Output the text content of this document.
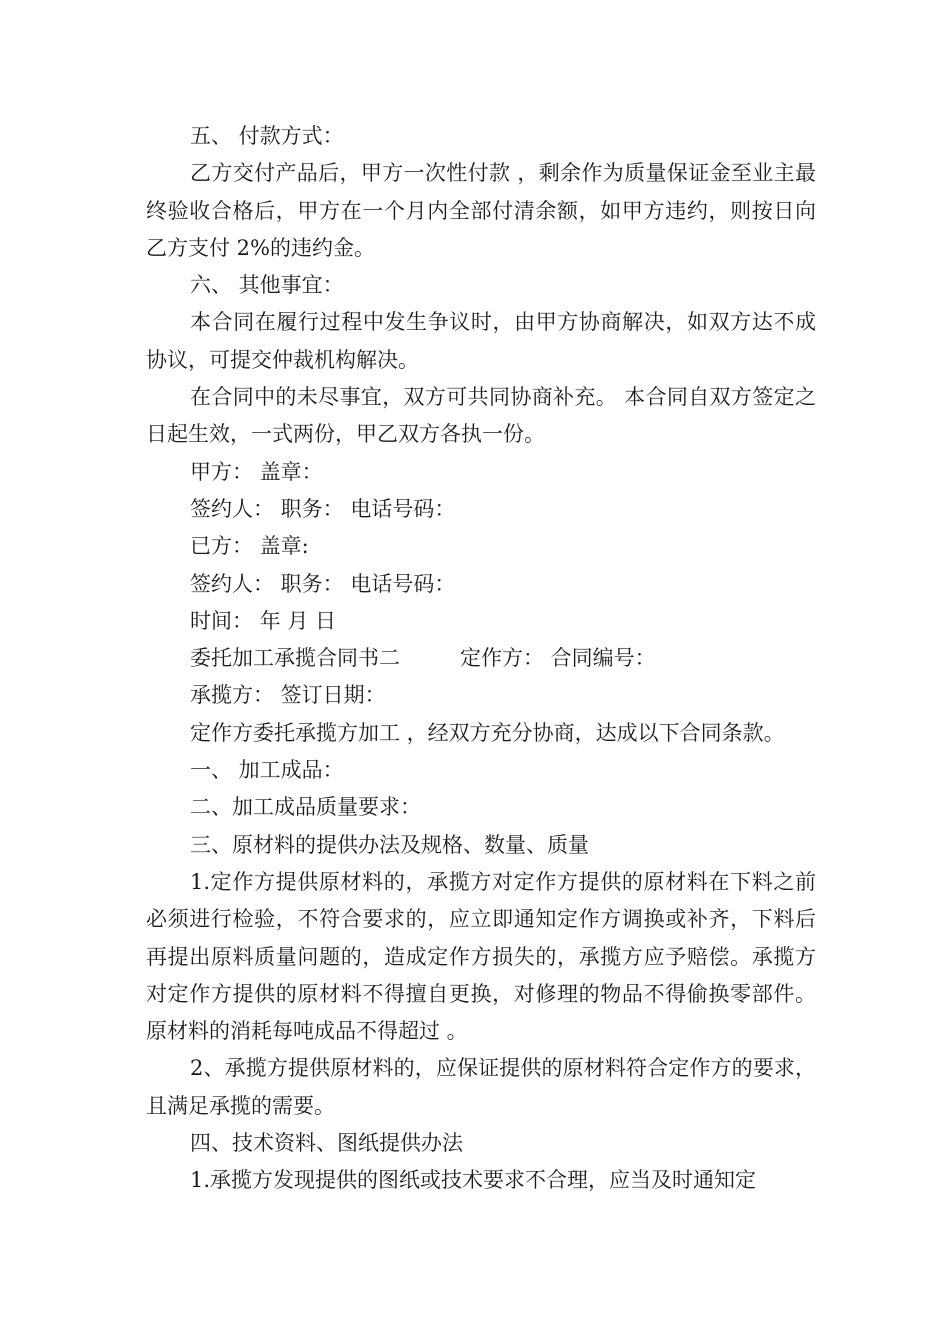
五、 付款方式：

乙方交付产品后，甲方一次性付款 ，剩余作为质量保证金至业主最终验收合格后，甲方在一个月内全部付清余额，如甲方违约，则按日向乙方支付 2%的违约金。

六、 其他事宜：

本合同在履行过程中发生争议时，由甲方协商解决，如双方达不成协议，可提交仲裁机构解决。

在合同中的未尽事宜，双方可共同协商补充。 本合同自双方签定之日起生效，一式两份，甲乙双方各执一份。

甲方： 盖章：

签约人： 职务： 电话号码：

已方： 盖章:

签约人： 职务： 电话号码：

时间： 年 月 日

委托加工承揽合同书二	定作方： 合同编号：

承揽方： 签订日期：

定作方委托承揽方加工 ，经双方充分协商，达成以下合同条款。

一、 加工成品：

二、加工成品质量要求：

三、原材料的提供办法及规格、数量、质量

1.定作方提供原材料的，承揽方对定作方提供的原材料在下料之前必须进行检验，不符合要求的，应立即通知定作方调换或补齐，下料后再提出原料质量问题的，造成定作方损失的，承揽方应予赔偿。承揽方对定作方提供的原材料不得擅自更换，对修理的物品不得偷换零部件。原材料的消耗每吨成品不得超过 。

2、承揽方提供原材料的，应保证提供的原材料符合定作方的要求，且满足承揽的需要。

四、技术资料、图纸提供办法

1.承揽方发现提供的图纸或技术要求不合理，应当及时通知定
